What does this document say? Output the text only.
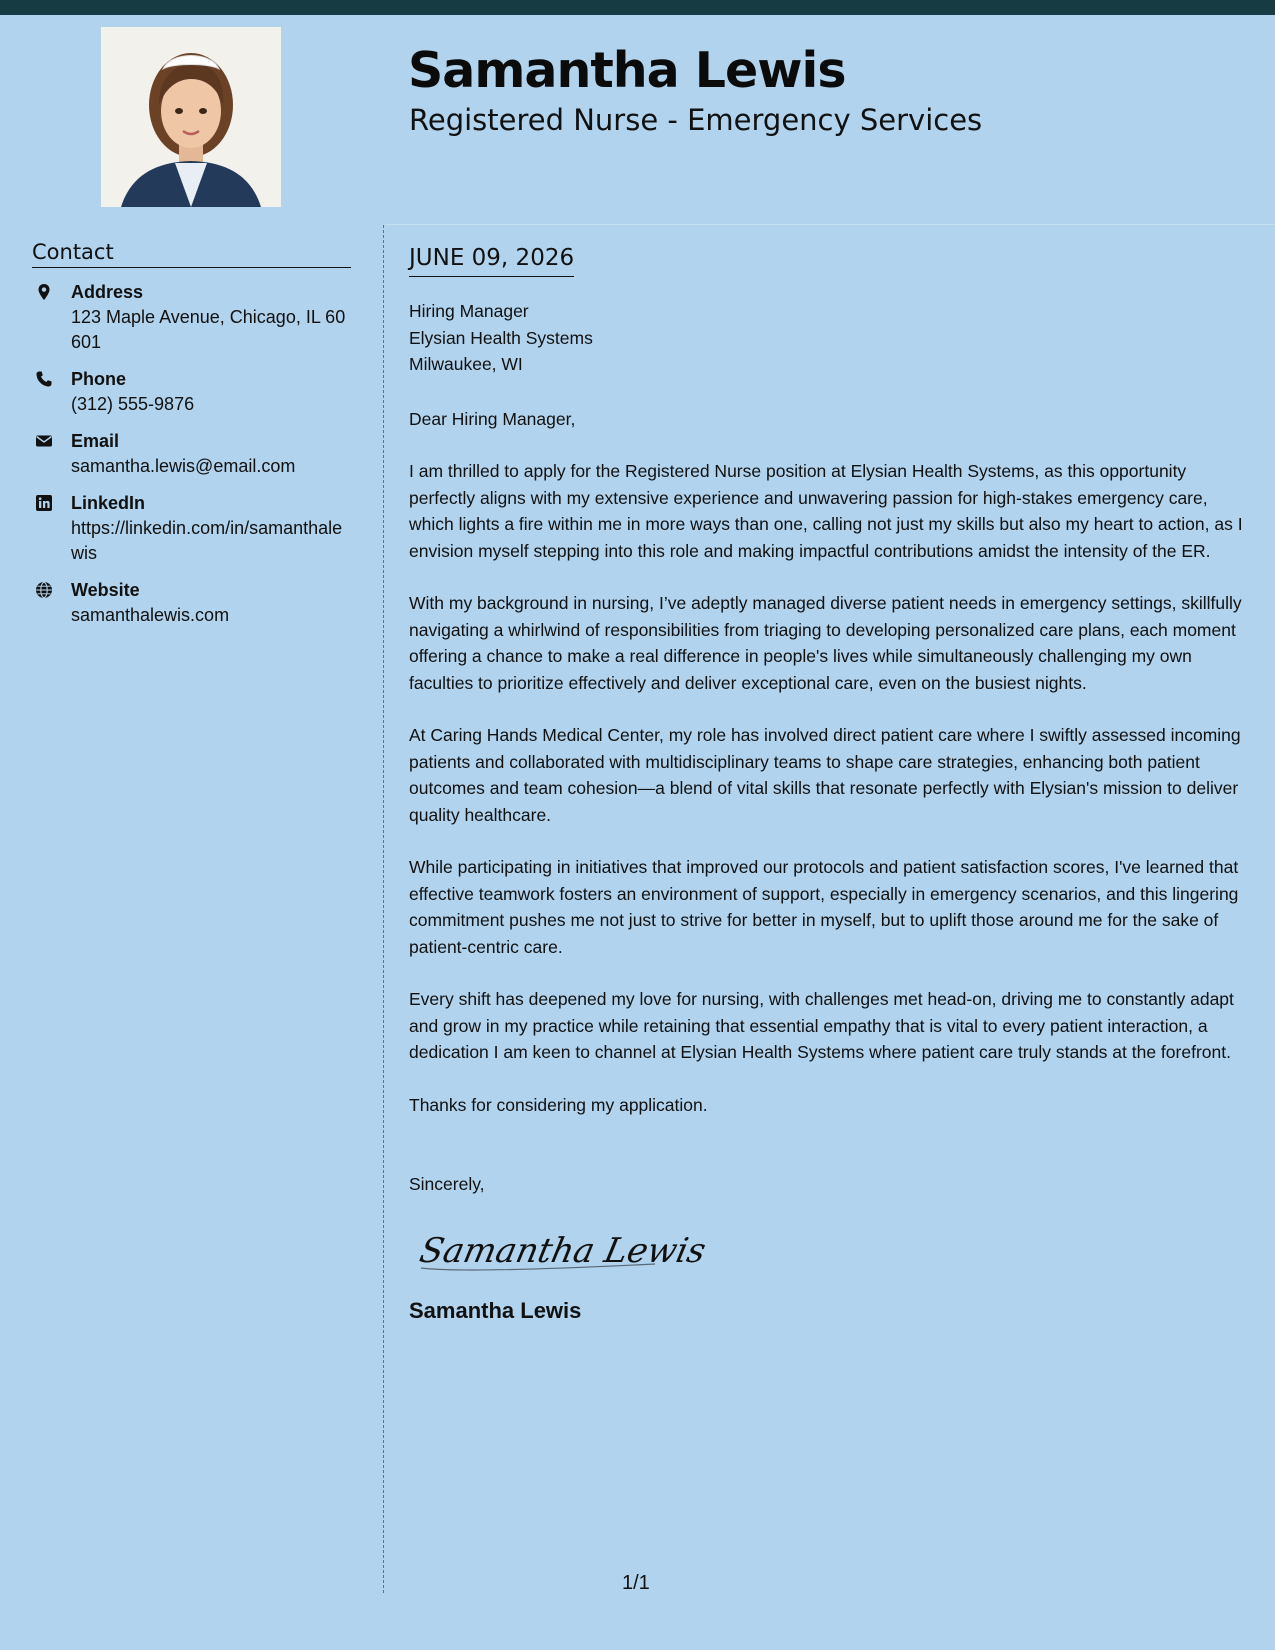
Samantha Lewis
Registered Nurse - Emergency Services
Contact
Address
123 Maple Avenue, Chicago, IL 60601
Phone
(312) 555-9876
Email
samantha.lewis@email.com
LinkedIn
https://linkedin.com/in/samanthalewis
Website
samanthalewis.com
JUNE 09, 2026
Hiring Manager
Elysian Health Systems
Milwaukee, WI
Dear Hiring Manager,
I am thrilled to apply for the Registered Nurse position at Elysian Health Systems, as this opportunity perfectly aligns with my extensive experience and unwavering passion for high-stakes emergency care, which lights a fire within me in more ways than one, calling not just my skills but also my heart to action, as I envision myself stepping into this role and making impactful contributions amidst the intensity of the ER.
With my background in nursing, I’ve adeptly managed diverse patient needs in emergency settings, skillfully navigating a whirlwind of responsibilities from triaging to developing personalized care plans, each moment offering a chance to make a real difference in people's lives while simultaneously challenging my own faculties to prioritize effectively and deliver exceptional care, even on the busiest nights.
At Caring Hands Medical Center, my role has involved direct patient care where I swiftly assessed incoming patients and collaborated with multidisciplinary teams to shape care strategies, enhancing both patient outcomes and team cohesion—a blend of vital skills that resonate perfectly with Elysian's mission to deliver quality healthcare.
While participating in initiatives that improved our protocols and patient satisfaction scores, I've learned that effective teamwork fosters an environment of support, especially in emergency scenarios, and this lingering commitment pushes me not just to strive for better in myself, but to uplift those around me for the sake of patient-centric care.
Every shift has deepened my love for nursing, with challenges met head-on, driving me to constantly adapt and grow in my practice while retaining that essential empathy that is vital to every patient interaction, a dedication I am keen to channel at Elysian Health Systems where patient care truly stands at the forefront.
Thanks for considering my application.
Sincerely,
Samantha Lewis
Samantha Lewis
1/1
